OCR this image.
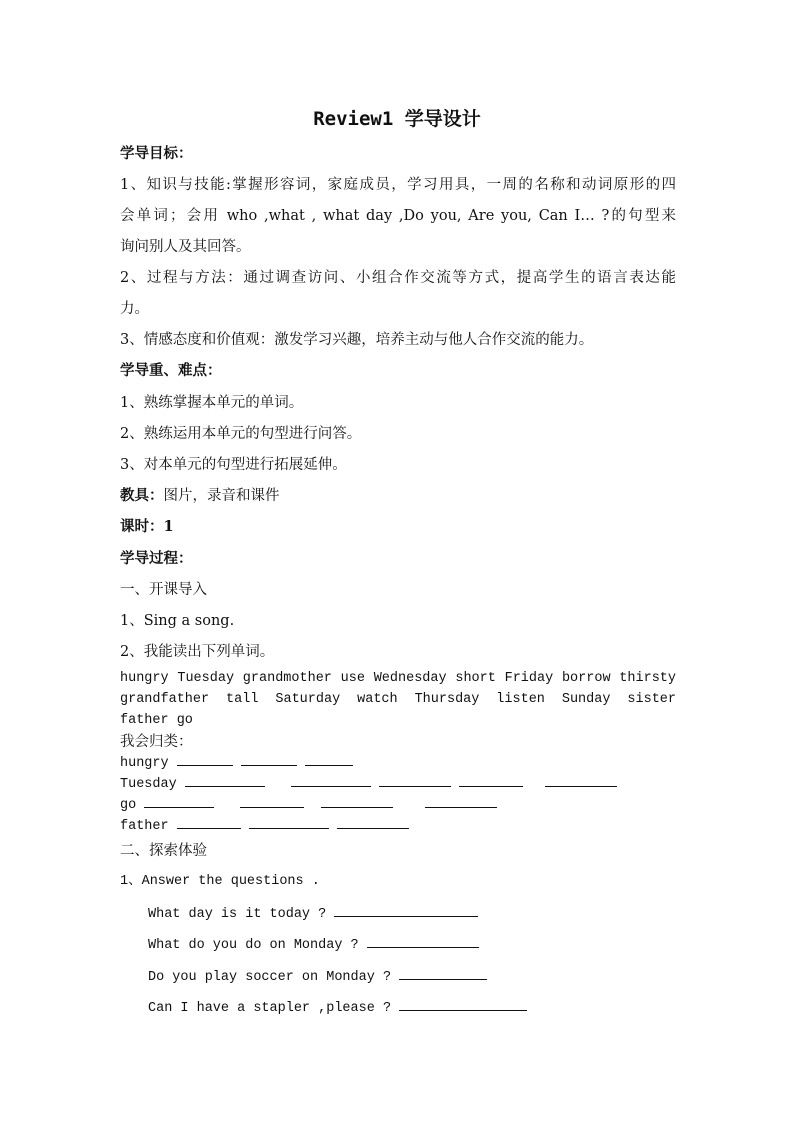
Review1 学导设计
学导目标：
1、知识与技能:掌握形容词，家庭成员，学习用具，一周的名称和动词原形的四
会单词；会用 who ,what , what day ,Do you, Are you, Can I… ?的句型来
询问别人及其回答。
2、过程与方法：通过调查访问、小组合作交流等方式，提高学生的语言表达能
力。
3、情感态度和价值观：激发学习兴趣，培养主动与他人合作交流的能力。
学导重、难点：
1、熟练掌握本单元的单词。
2、熟练运用本单元的句型进行问答。
3、对本单元的句型进行拓展延伸。
教具：图片，录音和课件
课时：1
学导过程：
一、开课导入
1、Sing a song.
2、我能读出下列单词。
hungry Tuesday grandmother use Wednesday short Friday borrow thirsty
grandfather tall Saturday watch Thursday listen Sunday sister
father go
我会归类：
hungry
Tuesday
go
father
二、探索体验
1、Answer the questions .
What day is it today ?
What do you do on Monday ?
Do you play soccer on Monday ?
Can I have a stapler ,please ?
